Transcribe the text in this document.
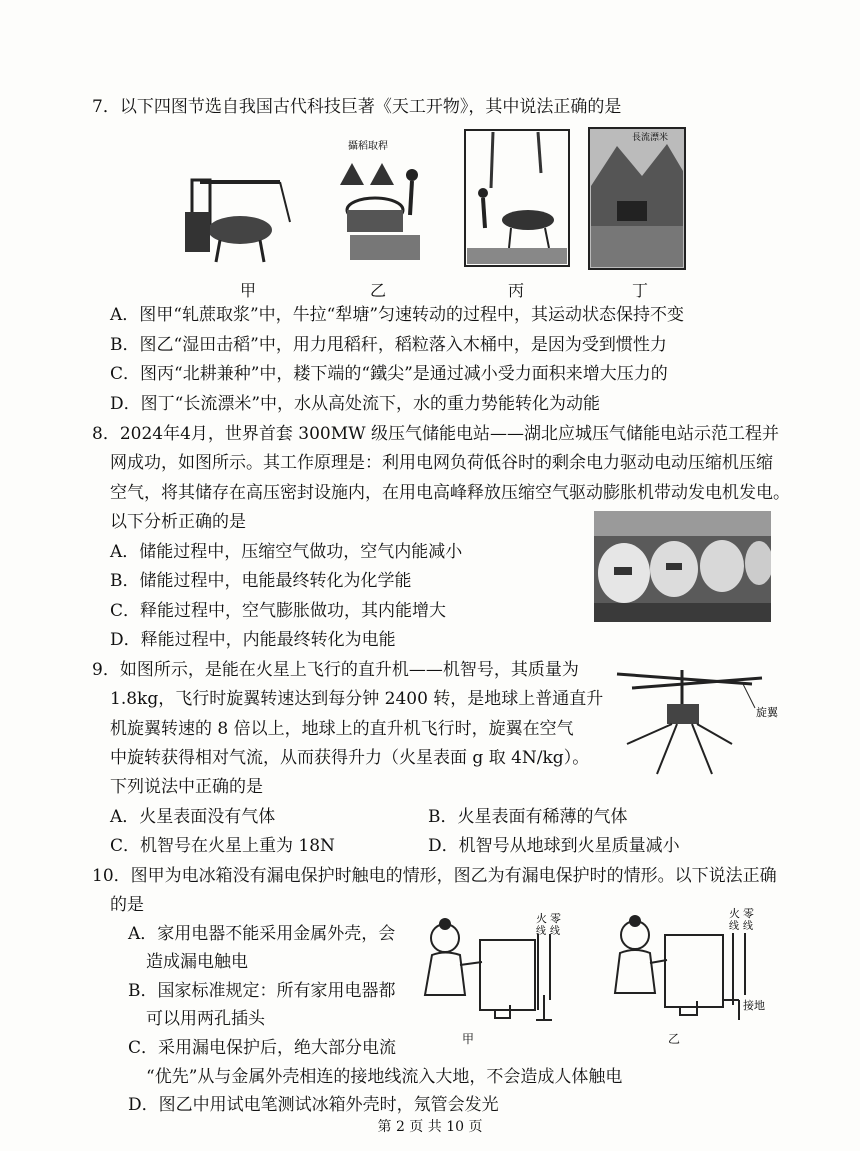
7．以下四图节选自我国古代科技巨著《天工开物》，其中说法正确的是
攝稻取稈
長流漂米
甲	乙	丙	丁
A．图甲“轧蔗取浆”中，牛拉“犁塘”匀速转动的过程中，其运动状态保持不变
B．图乙“湿田击稻”中，用力甩稻秆，稻粒落入木桶中，是因为受到惯性力
C．图丙“北耕兼种”中，耧下端的“鐵尖”是通过减小受力面积来增大压力的
D．图丁“长流漂米”中，水从高处流下，水的重力势能转化为动能
8．2024年4月，世界首套 300MW 级压气储能电站——湖北应城压气储能电站示范工程并
网成功，如图所示。其工作原理是：利用电网负荷低谷时的剩余电力驱动电动压缩机压缩
空气，将其储存在高压密封设施内，在用电高峰释放压缩空气驱动膨胀机带动发电机发电。
以下分析正确的是
A．储能过程中，压缩空气做功，空气内能减小
B．储能过程中，电能最终转化为化学能
C．释能过程中，空气膨胀做功，其内能增大
D．释能过程中，内能最终转化为电能
9．如图所示，是能在火星上飞行的直升机——机智号，其质量为
1.8kg，飞行时旋翼转速达到每分钟 2400 转，是地球上普通直升
机旋翼转速的 8 倍以上，地球上的直升机飞行时，旋翼在空气
中旋转获得相对气流，从而获得升力（火星表面 g 取 4N/kg）。
下列说法中正确的是
旋翼
A．火星表面没有气体	B．火星表面有稀薄的气体
C．机智号在火星上重为 18N	D．机智号从地球到火星质量减小
10．图甲为电冰箱没有漏电保护时触电的情形，图乙为有漏电保护时的情形。以下说法正确
的是
A．家用电器不能采用金属外壳，会
造成漏电触电
B．国家标准规定：所有家用电器都
可以用两孔插头
C．采用漏电保护后，绝大部分电流
“优先”从与金属外壳相连的接地线流入大地，不会造成人体触电
D．图乙中用试电笔测试冰箱外壳时，氖管会发光
火 零
线 线
火 零
线 线
接地
甲	乙
第 2 页 共 10 页
